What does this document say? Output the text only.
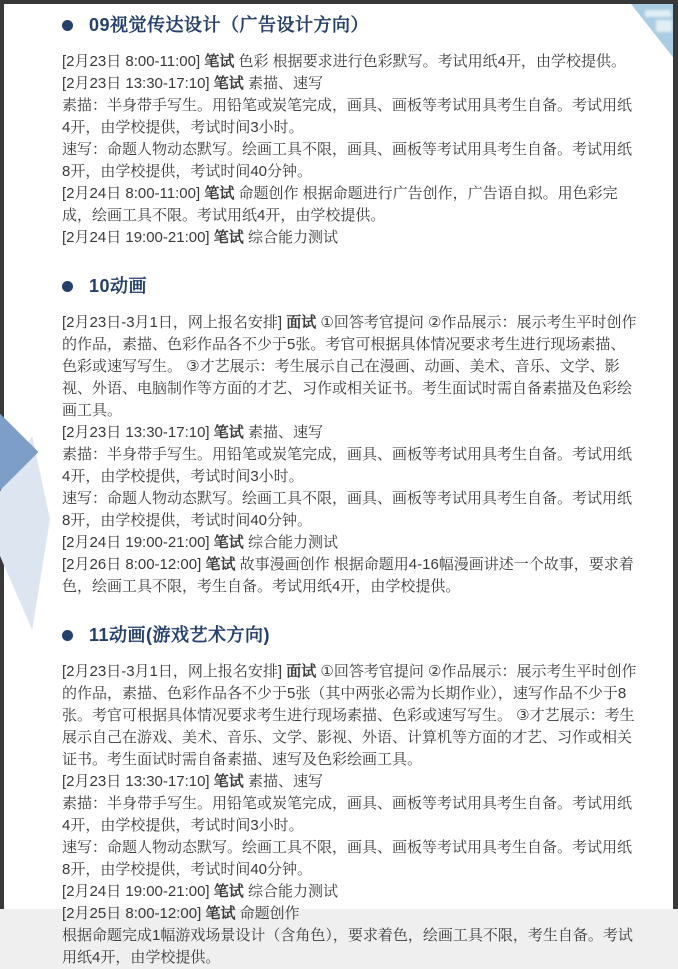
09视觉传达设计（广告设计方向）

[2月23日 8:00-11:00] 笔试 色彩 根据要求进行色彩默写。考试用纸4开，由学校提供。

[2月23日 13:30-17:10] 笔试 素描、速写

素描：半身带手写生。用铅笔或炭笔完成，画具、画板等考试用具考生自备。考试用纸4开，由学校提供，考试时间3小时。

速写：命题人物动态默写。绘画工具不限，画具、画板等考试用具考生自备。考试用纸8开，由学校提供，考试时间40分钟。

[2月24日 8:00-11:00] 笔试 命题创作 根据命题进行广告创作，广告语自拟。用色彩完成，绘画工具不限。考试用纸4开，由学校提供。

[2月24日 19:00-21:00] 笔试 综合能力测试

10动画

[2月23日-3月1日，网上报名安排] 面试 ①回答考官提问 ②作品展示：展示考生平时创作的作品，素描、色彩作品各不少于5张。考官可根据具体情况要求考生进行现场素描、色彩或速写写生。 ③才艺展示：考生展示自己在漫画、动画、美术、音乐、文学、影视、外语、电脑制作等方面的才艺、习作或相关证书。考生面试时需自备素描及色彩绘画工具。

[2月23日 13:30-17:10] 笔试 素描、速写

素描：半身带手写生。用铅笔或炭笔完成，画具、画板等考试用具考生自备。考试用纸4开，由学校提供，考试时间3小时。

速写：命题人物动态默写。绘画工具不限，画具、画板等考试用具考生自备。考试用纸8开，由学校提供，考试时间40分钟。

[2月24日 19:00-21:00] 笔试 综合能力测试

[2月26日 8:00-12:00] 笔试 故事漫画创作 根据命题用4-16幅漫画讲述一个故事，要求着色，绘画工具不限，考生自备。考试用纸4开，由学校提供。

11动画(游戏艺术方向)

[2月23日-3月1日，网上报名安排] 面试 ①回答考官提问 ②作品展示：展示考生平时创作的作品，素描、色彩作品各不少于5张（其中两张必需为长期作业），速写作品不少于8张。考官可根据具体情况要求考生进行现场素描、色彩或速写写生。 ③才艺展示：考生展示自己在游戏、美术、音乐、文学、影视、外语、计算机等方面的才艺、习作或相关证书。考生面试时需自备素描、速写及色彩绘画工具。

[2月23日 13:30-17:10] 笔试 素描、速写

素描：半身带手写生。用铅笔或炭笔完成，画具、画板等考试用具考生自备。考试用纸4开，由学校提供，考试时间3小时。

速写：命题人物动态默写。绘画工具不限，画具、画板等考试用具考生自备。考试用纸8开，由学校提供，考试时间40分钟。

[2月24日 19:00-21:00] 笔试 综合能力测试

[2月25日 8:00-12:00] 笔试 命题创作

根据命题完成1幅游戏场景设计（含角色），要求着色，绘画工具不限，考生自备。考试用纸4开，由学校提供。
